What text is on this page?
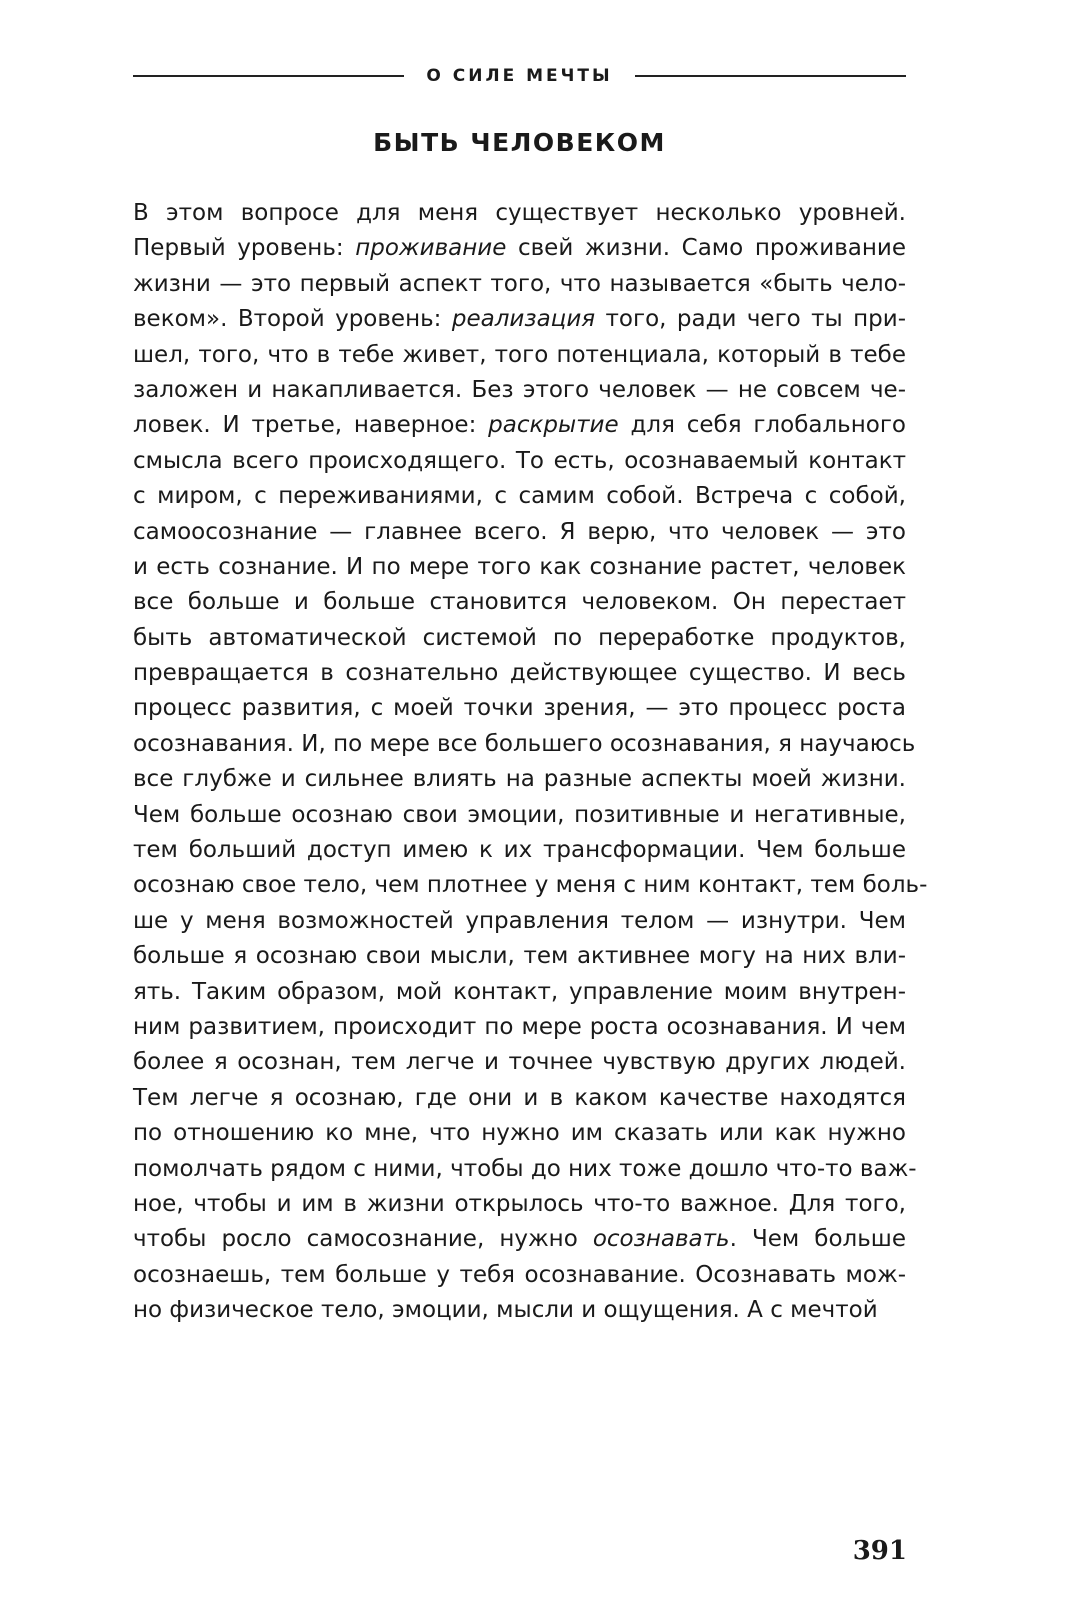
О СИЛЕ МЕЧТЫ
БЫТЬ ЧЕЛОВЕКОМ
В этом вопросе для меня существует несколько уровней.
Первый уровень: проживание свей жизни. Само проживание
жизни — это первый аспект того, что называется «быть чело-
веком». Второй уровень: реализация того, ради чего ты при-
шел, того, что в тебе живет, того потенциала, который в тебе
заложен и накапливается. Без этого человек — не совсем че-
ловек. И третье, наверное: раскрытие для себя глобального
смысла всего происходящего. То есть, осознаваемый контакт
с миром, с переживаниями, с самим собой. Встреча с собой,
самоосознание — главнее всего. Я верю, что человек — это
и есть сознание. И по мере того как сознание растет, человек
все больше и больше становится человеком. Он перестает
быть автоматической системой по переработке продуктов,
превращается в сознательно действующее существо. И весь
процесс развития, с моей точки зрения, — это процесс роста
осознавания. И, по мере все большего осознавания, я научаюсь
все глубже и сильнее влиять на разные аспекты моей жизни.
Чем больше осознаю свои эмоции, позитивные и негативные,
тем больший доступ имею к их трансформации. Чем больше
осознаю свое тело, чем плотнее у меня с ним контакт, тем боль-
ше у меня возможностей управления телом — изнутри. Чем
больше я осознаю свои мысли, тем активнее могу на них вли-
ять. Таким образом, мой контакт, управление моим внутрен-
ним развитием, происходит по мере роста осознавания. И чем
более я осознан, тем легче и точнее чувствую других людей.
Тем легче я осознаю, где они и в каком качестве находятся
по отношению ко мне, что нужно им сказать или как нужно
помолчать рядом с ними, чтобы до них тоже дошло что-то важ-
ное, чтобы и им в жизни открылось что-то важное. Для того,
чтобы росло самосознание, нужно осознавать. Чем больше
осознаешь, тем больше у тебя осознавание. Осознавать мож-
но физическое тело, эмоции, мысли и ощущения. А с мечтой
391
